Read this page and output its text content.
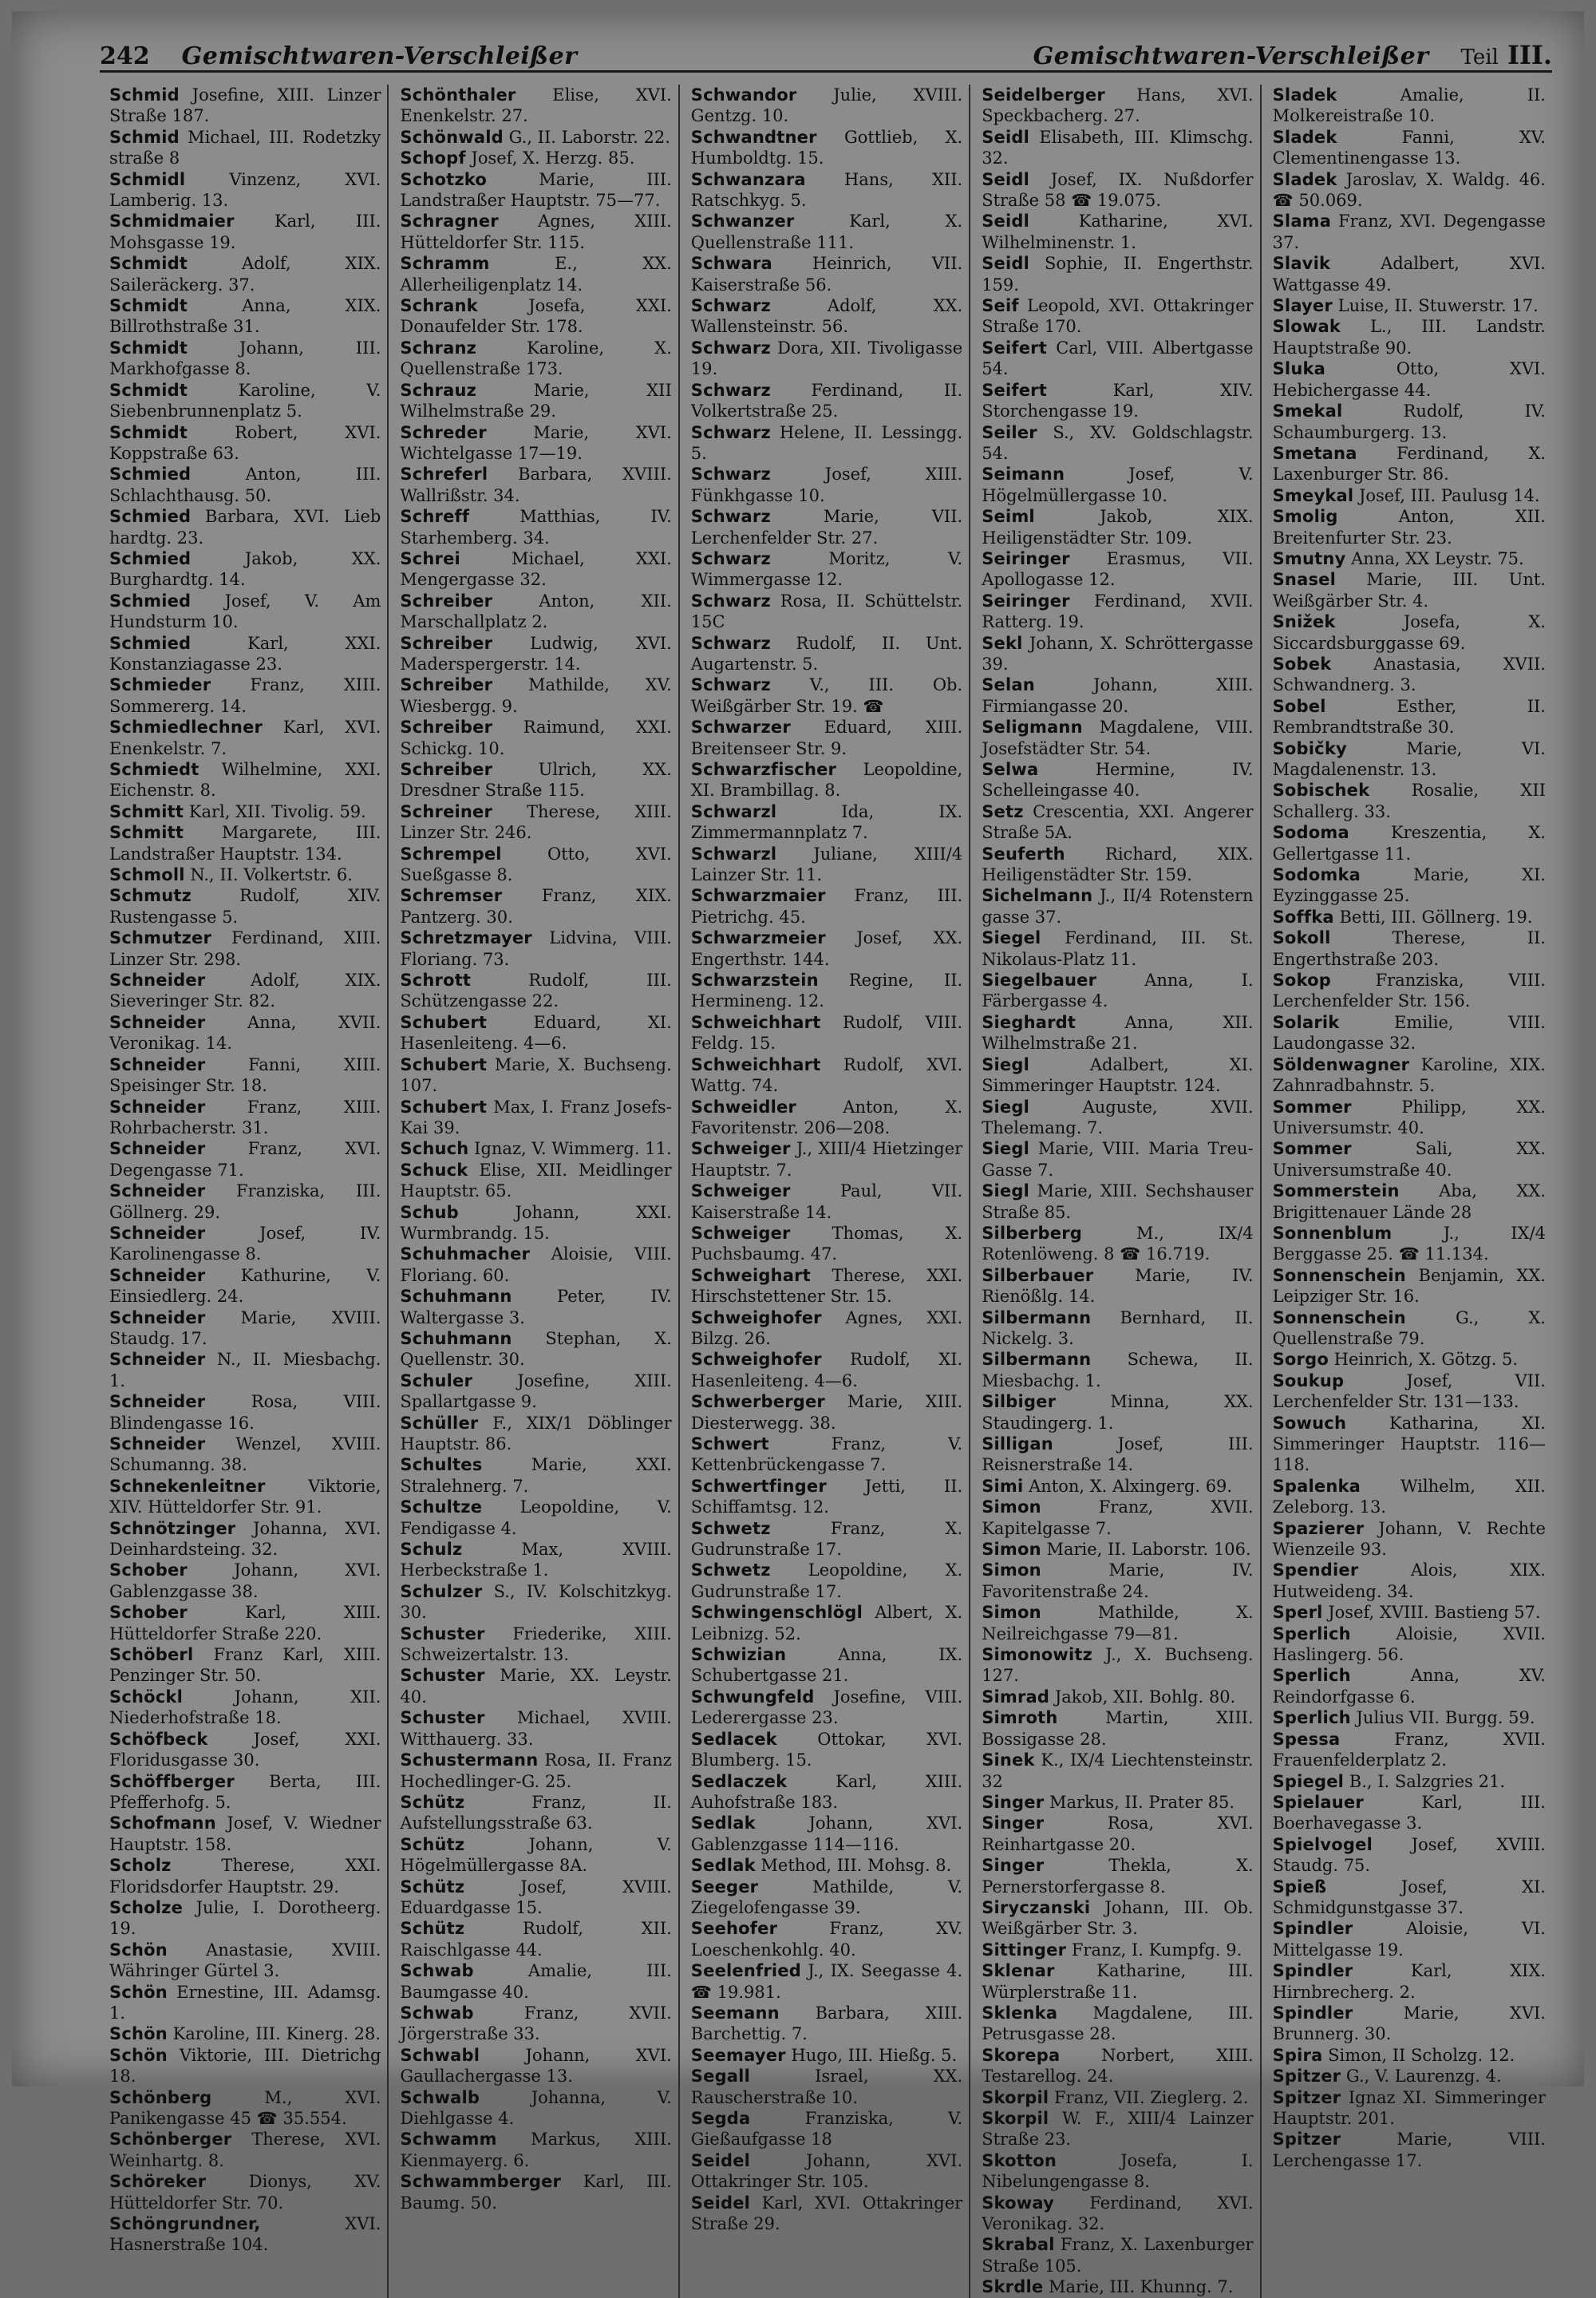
242 Gemischtwaren-Verschleißer	Gemischtwaren-Verschleißer Teil III.

Schmid Josefine, XIII. Linzer Straße 187.

Schmid Michael, III. Rodetzky straße 8

Schmidl	Vinzenz, XVI. Lamberig. 13.

Schmidmaier Karl, III. Mohsgasse 19.

Schmidt	Adolf, XIX. Saileräckerg. 37.

Schmidt	Anna, XIX. Billrothstraße 31.

Schmidt	Johann, III. Markhofgasse 8.

Schmidt	Karoline, V. Siebenbrunnenplatz 5.

Schmidt	Robert, XVI. Koppstraße 63.

Schmied	Anton, III. Schlachthausg. 50.

Schmied Barbara, XVI. Lieb hardtg. 23.

Schmied	Jakob, XX. Burghardtg. 14.

Schmied Josef, V. Am Hundsturm 10.

Schmied	Karl, XXI. Konstanziagasse 23.

Schmieder Franz, XIII. Sommererg. 14.

Schmiedlechner Karl, XVI. Enenkelstr. 7.

Schmiedt Wilhelmine, XXI. Eichenstr. 8.

Schmitt Karl, XII. Tivolig. 59.

Schmitt Margarete, III. Landstraßer Hauptstr. 134.

Schmoll N., II. Volkertstr. 6.

Schmutz	Rudolf, XIV. Rustengasse 5.

Schmutzer Ferdinand, XIII. Linzer Str. 298.

Schneider	Adolf, XIX. Sieveringer Str. 82.

Schneider	Anna, XVII. Veronikag. 14.

Schneider	Fanni, XIII. Speisinger Str. 18.

Schneider	Franz, XIII. Rohrbacherstr. 31.

Schneider	Franz, XVI. Degengasse 71.

Schneider Franziska, III. Göllnerg. 29.

Schneider	Josef, IV. Karolinengasse 8.

Schneider Kathurine, V. Einsiedlerg. 24.

Schneider Marie, XVIII. Staudg. 17.

Schneider N., II. Miesbachg. 1.

Schneider	Rosa, VIII. Blindengasse 16.

Schneider Wenzel, XVIII. Schumanng. 38.

Schnekenleitner	Viktorie, XIV. Hütteldorfer Str. 91.

Schnötzinger Johanna, XVI. Deinhardsteing. 32.

Schober	Johann, XVI. Gablenzgasse 38.

Schober	Karl, XIII. Hütteldorfer Straße 220.

Schöberl Franz Karl, XIII. Penzinger Str. 50.

Schöckl	Johann, XII. Niederhofstraße 18.

Schöfbeck	Josef, XXI. Floridusgasse 30.

Schöffberger Berta, III. Pfefferhofg. 5.

Schofmann Josef, V. Wiedner Hauptstr. 158.

Scholz	Therese, XXI. Floridsdorfer Hauptstr. 29.

Scholze Julie, I. Dorotheerg. 19.

Schön Anastasie, XVIII. Währinger Gürtel 3.

Schön Ernestine, III. Adamsg. 1.

Schön Karoline, III. Kinerg. 28.

Schön Viktorie, III. Dietrichg 18.

Schönberg	M., XVI. Panikengasse 45 ☎ 35.554.

Schönberger Therese, XVI. Weinhartg. 8.

Schöreker	Dionys, XV. Hütteldorfer Str. 70.

Schöngrundner,	XVI. Hasnerstraße 104.

Schönthaler Elise, XVI. Enenkelstr. 27.

Schönwald G., II. Laborstr. 22.

Schopf Josef, X. Herzg. 85.

Schotzko	Marie, III. Landstraßer Hauptstr. 75—77.

Schragner Agnes, XIII. Hütteldorfer Str. 115.

Schramm	E., XX. Allerheiligenplatz 14.

Schrank	Josefa, XXI. Donaufelder Str. 178.

Schranz	Karoline, X. Quellenstraße 173.

Schrauz	Marie, XII Wilhelmstraße 29.

Schreder	Marie, XVI. Wichtelgasse 17—19.

Schreferl Barbara, XVIII. Wallrißstr. 34.

Schreff	Matthias, IV. Starhemberg. 34.

Schrei	Michael, XXI. Mengergasse 32.

Schreiber	Anton, XII. Marschallplatz 2.

Schreiber Ludwig, XVI. Maderspergerstr. 14.

Schreiber Mathilde, XV. Wiesbergg. 9.

Schreiber Raimund, XXI. Schickg. 10.

Schreiber	Ulrich, XX. Dresdner Straße 115.

Schreiner Therese, XIII. Linzer Str. 246.

Schrempel	Otto, XVI. Sueßgasse 8.

Schremser Franz, XIX. Pantzerg. 30.

Schretzmayer Lidvina, VIII. Floriang. 73.

Schrott	Rudolf, III. Schützengasse 22.

Schubert	Eduard, XI. Hasenleiteng. 4—6.

Schubert Marie, X. Buchseng. 107.

Schubert Max, I. Franz Josefs-Kai 39.

Schuch Ignaz, V. Wimmerg. 11.

Schuck Elise, XII. Meidlinger Hauptstr. 65.

Schub	Johann, XXI. Wurmbrandg. 15.

Schuhmacher Aloisie, VIII. Floriang. 60.

Schuhmann	Peter, IV. Waltergasse 3.

Schuhmann Stephan, X. Quellenstr. 30.

Schuler	Josefine, XIII. Spallartgasse 9.

Schüller F., XIX/1 Döblinger Hauptstr. 86.

Schultes	Marie, XXI. Stralehnerg. 7.

Schultze Leopoldine, V. Fendigasse 4.

Schulz	Max, XVIII. Herbeckstraße 1.

Schulzer S., IV. Kolschitzkyg. 30.

Schuster Friederike, XIII. Schweizertalstr. 13.

Schuster Marie, XX. Leystr. 40.

Schuster Michael, XVIII. Witthauerg. 33.

Schustermann Rosa, II. Franz Hochedlinger-G. 25.

Schütz	Franz, II. Aufstellungsstraße 63.

Schütz	Johann, V. Högelmüllergasse 8A.

Schütz	Josef, XVIII. Eduardgasse 15.

Schütz	Rudolf, XII. Raischlgasse 44.

Schwab	Amalie, III. Baumgasse 40.

Schwab	Franz, XVII. Jörgerstraße 33.

Schwabl	Johann, XVI. Gaullachergasse 13.

Schwalb	Johanna, V. Diehlgasse 4.

Schwamm Markus, XIII. Kienmayerg. 6.

Schwammberger Karl, III. Baumg. 50.

Schwandor Julie, XVIII. Gentzg. 10.

Schwandtner Gottlieb, X. Humboldtg. 15.

Schwanzara Hans, XII. Ratschkyg. 5.

Schwanzer	Karl, X. Quellenstraße 111.

Schwara Heinrich, VII. Kaiserstraße 56.

Schwarz	Adolf, XX. Wallensteinstr. 56.

Schwarz Dora, XII. Tivoligasse 19.

Schwarz Ferdinand, II. Volkertstraße 25.

Schwarz Helene, II. Lessingg. 5.

Schwarz	Josef, XIII. Fünkhgasse 10.

Schwarz	Marie, VII. Lerchenfelder Str. 27.

Schwarz	Moritz, V. Wimmergasse 12.

Schwarz Rosa, II. Schüttelstr. 15C

Schwarz Rudolf, II. Unt. Augartenstr. 5.

Schwarz V., III. Ob. Weißgärber Str. 19. ☎

Schwarzer Eduard, XIII. Breitenseer Str. 9.

Schwarzfischer Leopoldine, XI. Brambillag. 8.

Schwarzl	Ida, IX. Zimmermannplatz 7.

Schwarzl Juliane, XIII/4 Lainzer Str. 11.

Schwarzmaier Franz, III. Pietrichg. 45.

Schwarzmeier Josef, XX. Engerthstr. 144.

Schwarzstein Regine, II. Hermineng. 12.

Schweichhart Rudolf, VIII. Feldg. 15.

Schweichhart Rudolf, XVI. Wattg. 74.

Schweidler	Anton, X. Favoritenstr. 206—208.

Schweiger J., XIII/4 Hietzinger Hauptstr. 7.

Schweiger	Paul, VII. Kaiserstraße 14.

Schweiger Thomas, X. Puchsbaumg. 47.

Schweighart Therese, XXI. Hirschstettener Str. 15.

Schweighofer Agnes, XXI. Bilzg. 26.

Schweighofer Rudolf, XI. Hasenleiteng. 4—6.

Schwerberger Marie, XIII. Diesterwegg. 38.

Schwert	Franz, V. Kettenbrückengasse 7.

Schwertfinger Jetti, II. Schiffamtsg. 12.

Schwetz	Franz, X. Gudrunstraße 17.

Schwetz Leopoldine, X. Gudrunstraße 17.

Schwingenschlögl Albert, X. Leibnizg. 52.

Schwizian	Anna, IX. Schubertgasse 21.

Schwungfeld Josefine, VIII. Lederergasse 23.

Sedlacek Ottokar, XVI. Blumberg. 15.

Sedlaczek	Karl, XIII. Auhofstraße 183.

Sedlak	Johann, XVI. Gablenzgasse 114—116.

Sedlak Method, III. Mohsg. 8.

Seeger	Mathilde, V. Ziegelofengasse 39.

Seehofer	Franz, XV. Loeschenkohlg. 40.

Seelenfried J., IX. Seegasse 4. ☎ 19.981.

Seemann Barbara, XIII. Barchettig. 7.

Seemayer Hugo, III. Hießg. 5.

Segall	Israel, XX. Rauscherstraße 10.

Segda	Franziska, V. Gießaufgasse 18

Seidel	Johann, XVI. Ottakringer Str. 105.

Seidel Karl, XVI. Ottakringer Straße 29.

Seidelberger Hans, XVI. Speckbacherg. 27.

Seidl Elisabeth, III. Klimschg. 32.

Seidl Josef, IX. Nußdorfer Straße 58 ☎ 19.075.

Seidl	Katharine, XVI. Wilhelminenstr. 1.

Seidl Sophie, II. Engerthstr. 159.

Seif Leopold, XVI. Ottakringer Straße 170.

Seifert Carl, VIII. Albertgasse 54.

Seifert	Karl, XIV. Storchengasse 19.

Seiler S., XV. Goldschlagstr. 54.

Seimann	Josef, V. Högelmüllergasse 10.

Seiml	Jakob, XIX. Heiligenstädter Str. 109.

Seiringer Erasmus, VII. Apollogasse 12.

Seiringer Ferdinand, XVII. Ratterg. 19.

Sekl Johann, X. Schröttergasse 39.

Selan	Johann, XIII. Firmiangasse 20.

Seligmann Magdalene, VIII. Josefstädter Str. 54.

Selwa	Hermine, IV. Schelleingasse 40.

Setz Crescentia, XXI. Angerer Straße 5A.

Seuferth Richard, XIX. Heiligenstädter Str. 159.

Sichelmann J., II/4 Rotenstern gasse 37.

Siegel Ferdinand, III. St. Nikolaus-Platz 11.

Siegelbauer	Anna, I. Färbergasse 4.

Sieghardt	Anna, XII. Wilhelmstraße 21.

Siegl	Adalbert, XI. Simmeringer Hauptstr. 124.

Siegl	Auguste, XVII. Thelemang. 7.

Siegl Marie, VIII. Maria Treu-Gasse 7.

Siegl Marie, XIII. Sechshauser Straße 85.

Silberberg	M., IX/4 Rotenlöweng. 8 ☎ 16.719.

Silberbauer Marie, IV. Rienößlg. 14.

Silbermann Bernhard, II. Nickelg. 3.

Silbermann Schewa, II. Miesbachg. 1.

Silbiger	Minna, XX. Staudingerg. 1.

Silligan	Josef, III. Reisnerstraße 14.

Simi Anton, X. Alxingerg. 69.

Simon	Franz, XVII. Kapitelgasse 7.

Simon Marie, II. Laborstr. 106.

Simon	Marie, IV. Favoritenstraße 24.

Simon	Mathilde, X. Neilreichgasse 79—81.

Simonowitz J., X. Buchseng. 127.

Simrad Jakob, XII. Bohlg. 80.

Simroth	Martin, XIII. Bossigasse 28.

Sinek K., IX/4 Liechtensteinstr. 32

Singer Markus, II. Prater 85.

Singer	Rosa, XVI. Reinhartgasse 20.

Singer	Thekla, X. Pernerstorfergasse 8.

Siryczanski Johann, III. Ob. Weißgärber Str. 3.

Sittinger Franz, I. Kumpfg. 9.

Sklenar	Katharine, III. Würplerstraße 11.

Sklenka Magdalene, III. Petrusgasse 28.

Skorepa Norbert, XIII. Testarellog. 24.

Skorpil Franz, VII. Zieglerg. 2.

Skorpil W. F., XIII/4 Lainzer Straße 23.

Skotton	Josefa, I. Nibelungengasse 8.

Skoway Ferdinand, XVI. Veronikag. 32.

Skrabal Franz, X. Laxenburger Straße 105.

Skrdle Marie, III. Khunng. 7.

Sladek	Amalie, II. Molkereistraße 10.

Sladek	Fanni, XV. Clementinengasse 13.

Sladek Jaroslav, X. Waldg. 46. ☎ 50.069.

Slama Franz, XVI. Degengasse 37.

Slavik	Adalbert, XVI. Wattgasse 49.

Slayer Luise, II. Stuwerstr. 17.

Slowak L., III. Landstr. Hauptstraße 90.

Sluka	Otto, XVI. Hebichergasse 44.

Smekal	Rudolf, IV. Schaumburgerg. 13.

Smetana Ferdinand, X. Laxenburger Str. 86.

Smeykal Josef, III. Paulusg 14.

Smolig	Anton, XII. Breitenfurter Str. 23.

Smutny Anna, XX Leystr. 75.

Snasel Marie, III. Unt. Weißgärber Str. 4.

Snižek	Josefa, X. Siccardsburggasse 69.

Sobek	Anastasia, XVII. Schwandnerg. 3.

Sobel	Esther, II. Rembrandtstraße 30.

Sobičky	Marie, VI. Magdalenenstr. 13.

Sobischek Rosalie, XII Schallerg. 33.

Sodoma Kreszentia, X. Gellertgasse 11.

Sodomka	Marie, XI. Eyzinggasse 25.

Soffka Betti, III. Göllnerg. 19.

Sokoll	Therese, II. Engerthstraße 203.

Sokop	Franziska, VIII. Lerchenfelder Str. 156.

Solarik	Emilie, VIII. Laudongasse 32.

Söldenwagner Karoline, XIX. Zahnradbahnstr. 5.

Sommer	Philipp, XX. Universumstr. 40.

Sommer	Sali, XX. Universumstraße 40.

Sommerstein Aba, XX. Brigittenauer Lände 28

Sonnenblum	J., IX/4 Berggasse 25. ☎ 11.134.

Sonnenschein Benjamin, XX. Leipziger Str. 16.

Sonnenschein	G., X. Quellenstraße 79.

Sorgo Heinrich, X. Götzg. 5.

Soukup	Josef, VII. Lerchenfelder Str. 131—133.

Sowuch	Katharina, XI. Simmeringer Hauptstr. 116—118.

Spalenka Wilhelm, XII. Zeleborg. 13.

Spazierer Johann, V. Rechte Wienzeile 93.

Spendier	Alois, XIX. Hutweideng. 34.

Sperl Josef, XVIII. Bastieng 57.

Sperlich	Aloisie, XVII. Haslingerg. 56.

Sperlich	Anna, XV. Reindorfgasse 6.

Sperlich Julius VII. Burgg. 59.

Spessa	Franz, XVII. Frauenfelderplatz 2.

Spiegel B., I. Salzgries 21.

Spielauer	Karl, III. Boerhavegasse 3.

Spielvogel Josef, XVIII. Staudg. 75.

Spieß	Josef, XI. Schmidgunstgasse 37.

Spindler	Aloisie, VI. Mittelgasse 19.

Spindler	Karl, XIX. Hirnbrecherg. 2.

Spindler	Marie, XVI. Brunnerg. 30.

Spira Simon, II Scholzg. 12.

Spitzer G., V. Laurenzg. 4.

Spitzer Ignaz XI. Simmeringer Hauptstr. 201.

Spitzer	Marie, VIII. Lerchengasse 17.
